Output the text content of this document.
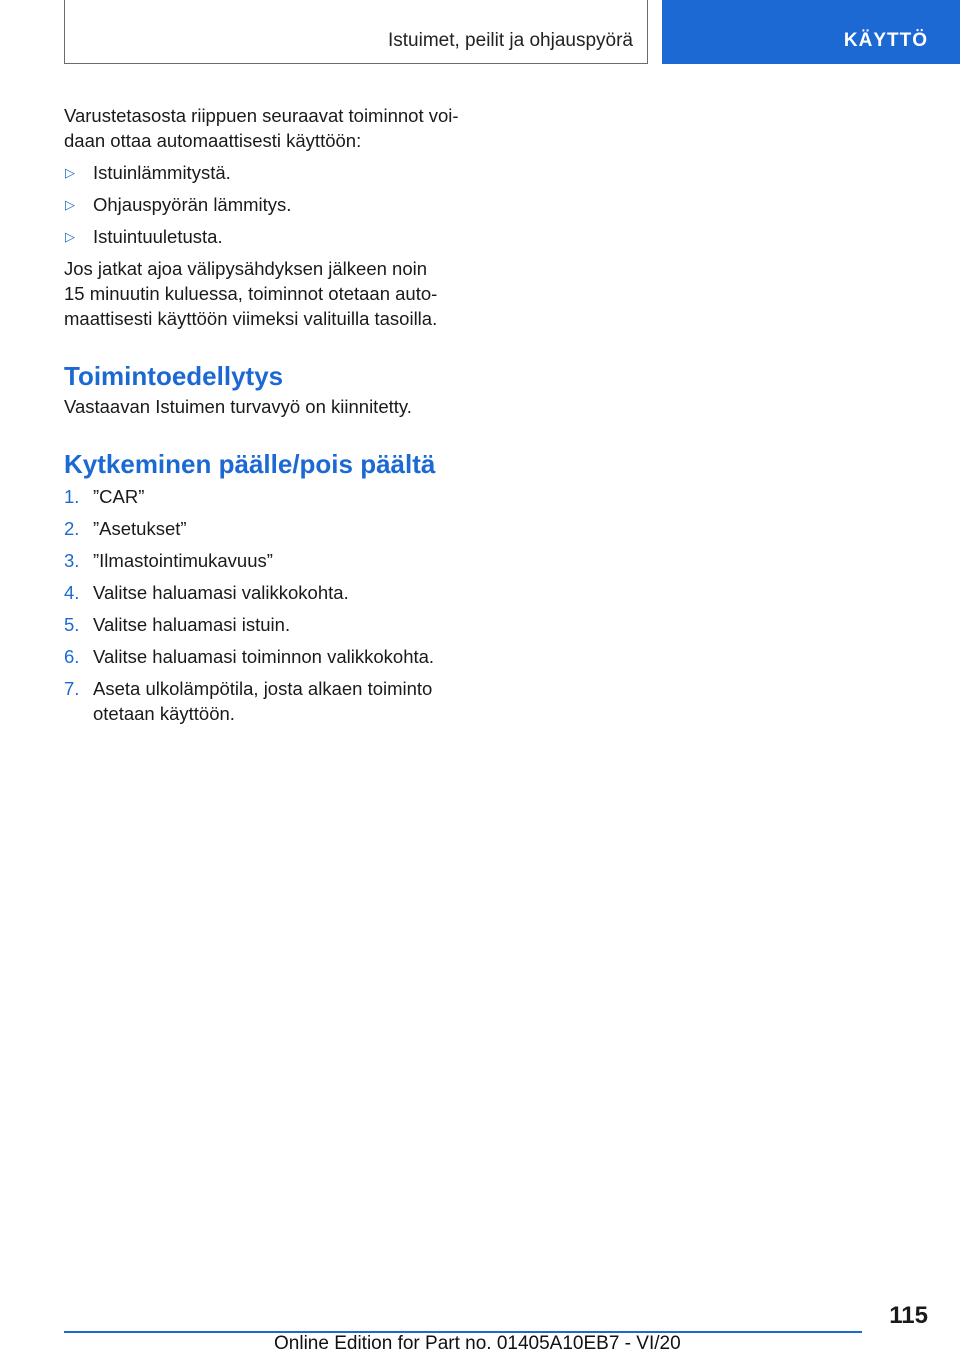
Istuimet, peilit ja ohjauspyörä	KÄYTTÖ

Varustetasosta riippuen seuraavat toiminnot voi-
daan ottaa automaattisesti käyttöön:

▷ Istuinlämmitystä.
▷ Ohjauspyörän lämmitys.
▷ Istuintuuletusta.

Jos jatkat ajoa välipysähdyksen jälkeen noin
15 minuutin kuluessa, toiminnot otetaan auto-
maattisesti käyttöön viimeksi valituilla tasoilla.

Toimintoedellytys

Vastaavan Istuimen turvavyö on kiinnitetty.

Kytkeminen päälle/pois päältä
1. ”CAR”
2. ”Asetukset”
3. ”Ilmastointimukavuus”
4. Valitse haluamasi valikkokohta.
5. Valitse haluamasi istuin.
6. Valitse haluamasi toiminnon valikkokohta.
7. Aseta ulkolämpötila, josta alkaen toiminto
otetaan käyttöön.
115
Online Edition for Part no. 01405A10EB7 - VI/20
